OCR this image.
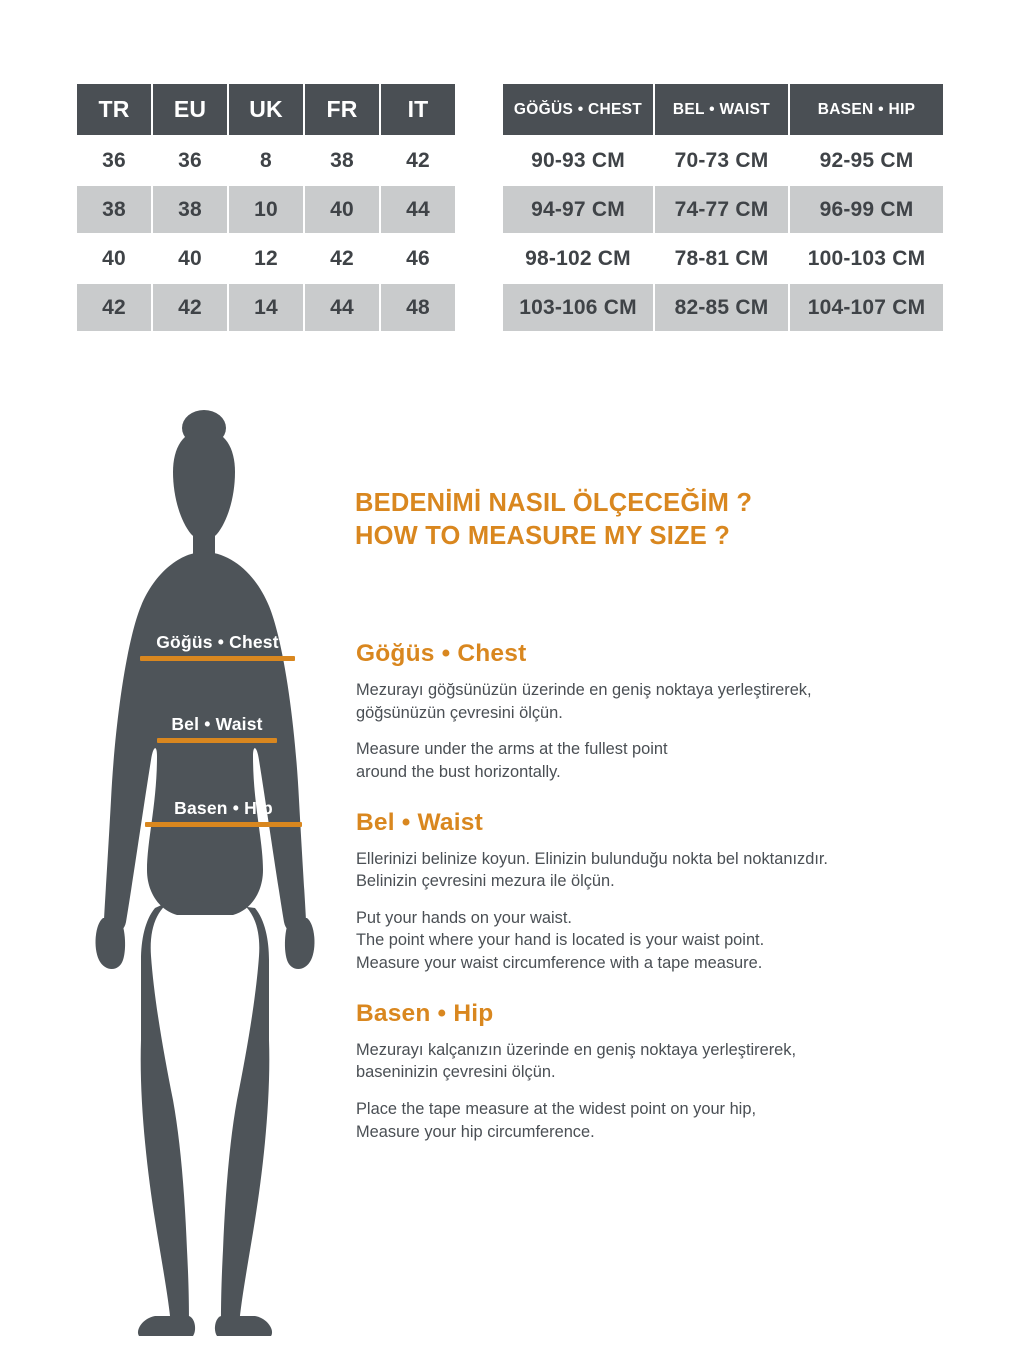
TR	EU	UK	FR	IT
36	36	8	38	42
38	38	10	40	44
40	40	12	42	46
42	42	14	44	48
GÖĞÜS • CHEST	BEL • WAIST	BASEN • HIP
90-93 CM	70-73 CM	92-95 CM
94-97 CM	74-77 CM	96-99 CM
98-102 CM	78-81 CM	100-103 CM
103-106 CM	82-85 CM	104-107 CM
BEDENİMİ NASIL ÖLÇECEĞİM ?
HOW TO MEASURE MY SIZE ?
Göğüs • Chest
Bel • Waist
Basen • Hip
Göğüs • Chest

Mezurayı göğsünüzün üzerinde en geniş noktaya yerleştirerek,
göğsünüzün çevresini ölçün.

Measure under the arms at the fullest point
around the bust horizontally.

Bel • Waist

Ellerinizi belinize koyun. Elinizin bulunduğu nokta bel noktanızdır.
Belinizin çevresini mezura ile ölçün.

Put your hands on your waist.
The point where your hand is located is your waist point.
Measure your waist circumference with a tape measure.

Basen • Hip

Mezurayı kalçanızın üzerinde en geniş noktaya yerleştirerek,
baseninizin çevresini ölçün.

Place the tape measure at the widest point on your hip,
Measure your hip circumference.
